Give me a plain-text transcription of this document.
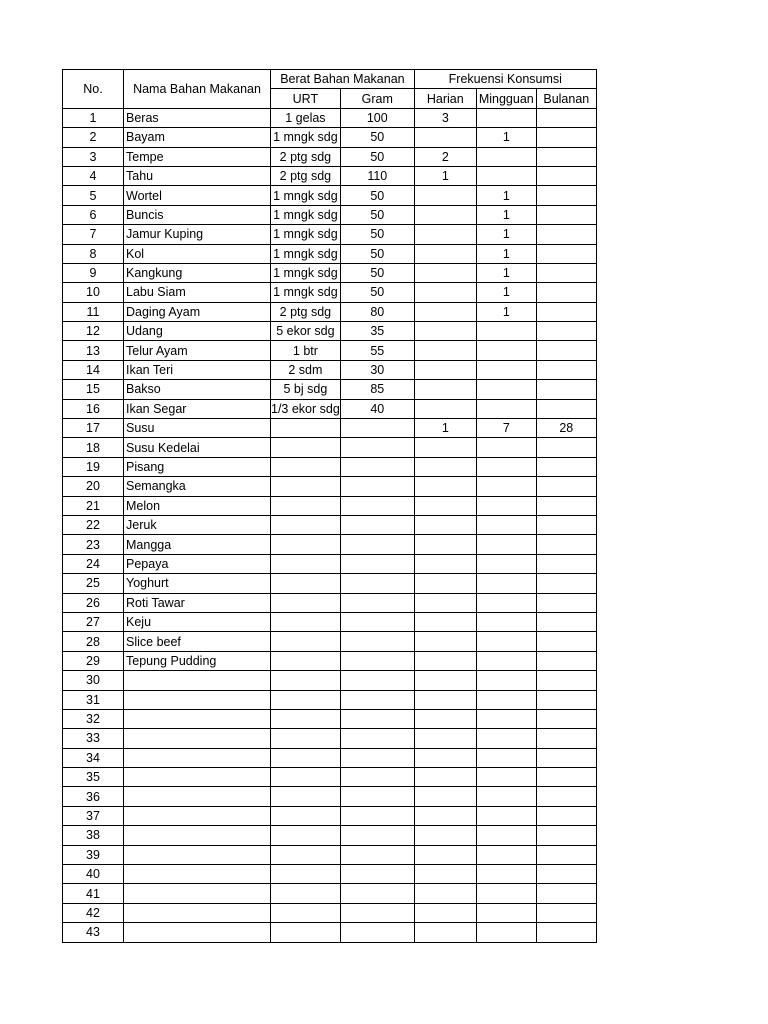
No.	Nama Bahan Makanan	Berat Bahan Makanan		Frekuensi Konsumsi		
		URT	Gram	Harian	Mingguan	Bulanan
1	Beras	1 gelas	100	3		
2	Bayam	1 mngk sdg	50		1	
3	Tempe	2 ptg sdg	50	2		
4	Tahu	2 ptg sdg	110	1		
5	Wortel	1 mngk sdg	50		1	
6	Buncis	1 mngk sdg	50		1	
7	Jamur Kuping	1 mngk sdg	50		1	
8	Kol	1 mngk sdg	50		1	
9	Kangkung	1 mngk sdg	50		1	
10	Labu Siam	1 mngk sdg	50		1	
11	Daging Ayam	2 ptg sdg	80		1	
12	Udang	5 ekor sdg	35			
13	Telur Ayam	1 btr	55			
14	Ikan Teri	2 sdm	30			
15	Bakso	5 bj sdg	85			
16	Ikan Segar	1/3 ekor sdg	40			
17	Susu			1	7	28
18	Susu Kedelai					
19	Pisang					
20	Semangka					
21	Melon					
22	Jeruk					
23	Mangga					
24	Pepaya					
25	Yoghurt					
26	Roti Tawar					
27	Keju					
28	Slice beef					
29	Tepung Pudding					
30						
31						
32						
33						
34						
35						
36						
37						
38						
39						
40						
41						
42						
43						
